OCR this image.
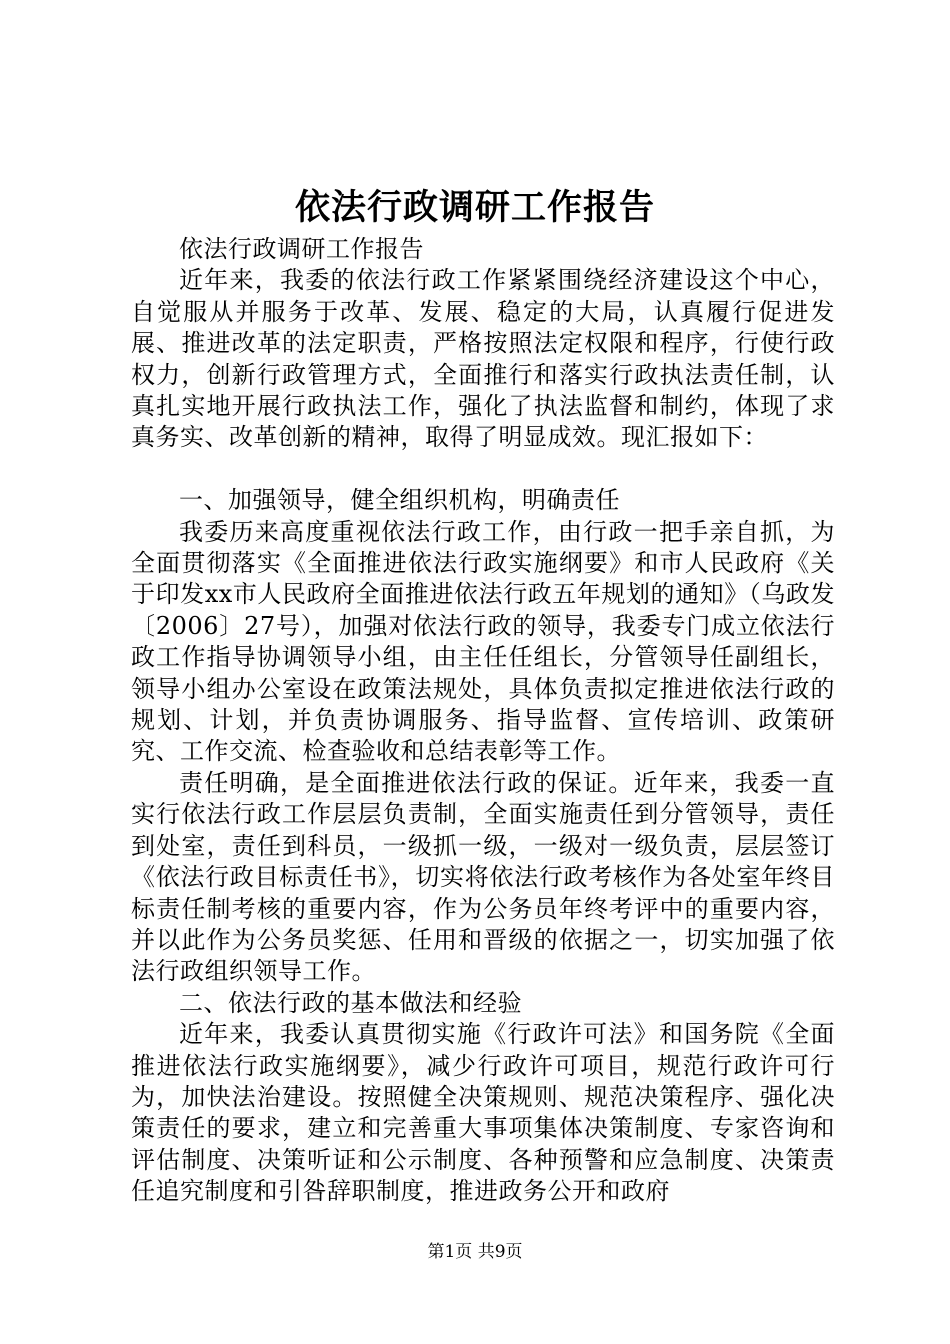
依法行政调研工作报告

依法行政调研工作报告

近年来，我委的依法行政工作紧紧围绕经济建设这个中心，自觉服从并服务于改革、发展、稳定的大局，认真履行促进发展、推进改革的法定职责，严格按照法定权限和程序，行使行政权力，创新行政管理方式，全面推行和落实行政执法责任制，认真扎实地开展行政执法工作，强化了执法监督和制约，体现了求真务实、改革创新的精神，取得了明显成效。现汇报如下：

一、加强领导，健全组织机构，明确责任

我委历来高度重视依法行政工作，由行政一把手亲自抓，为全面贯彻落实《全面推进依法行政实施纲要》和市人民政府《关于印发xx市人民政府全面推进依法行政五年规划的通知》（乌政发〔2006〕27号），加强对依法行政的领导，我委专门成立依法行政工作指导协调领导小组，由主任任组长，分管领导任副组长，领导小组办公室设在政策法规处，具体负责拟定推进依法行政的规划、计划，并负责协调服务、指导监督、宣传培训、政策研究、工作交流、检查验收和总结表彰等工作。

责任明确，是全面推进依法行政的保证。近年来，我委一直实行依法行政工作层层负责制，全面实施责任到分管领导，责任到处室，责任到科员，一级抓一级，一级对一级负责，层层签订《依法行政目标责任书》，切实将依法行政考核作为各处室年终目标责任制考核的重要内容，作为公务员年终考评中的重要内容，并以此作为公务员奖惩、任用和晋级的依据之一，切实加强了依法行政组织领导工作。

二、依法行政的基本做法和经验

近年来，我委认真贯彻实施《行政许可法》和国务院《全面推进依法行政实施纲要》，减少行政许可项目，规范行政许可行为，加快法治建设。按照健全决策规则、规范决策程序、强化决策责任的要求，建立和完善重大事项集体决策制度、专家咨询和评估制度、决策听证和公示制度、各种预警和应急制度、决策责任追究制度和引咎辞职制度，推进政务公开和政府

第1页 共9页
